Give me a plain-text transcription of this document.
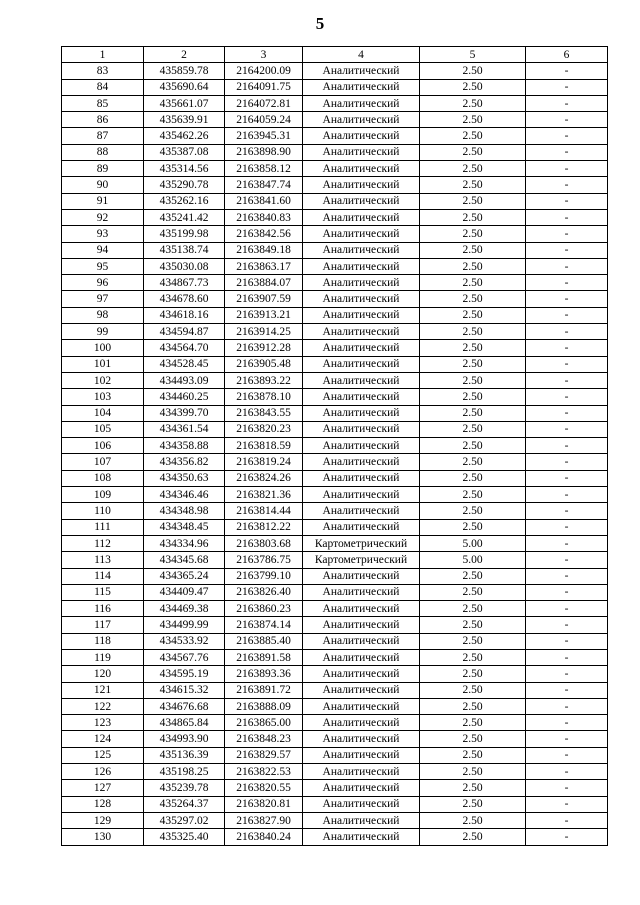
5
1	2	3	4	5	6
83	435859.78	2164200.09	Аналитический	2.50	-
84	435690.64	2164091.75	Аналитический	2.50	-
85	435661.07	2164072.81	Аналитический	2.50	-
86	435639.91	2164059.24	Аналитический	2.50	-
87	435462.26	2163945.31	Аналитический	2.50	-
88	435387.08	2163898.90	Аналитический	2.50	-
89	435314.56	2163858.12	Аналитический	2.50	-
90	435290.78	2163847.74	Аналитический	2.50	-
91	435262.16	2163841.60	Аналитический	2.50	-
92	435241.42	2163840.83	Аналитический	2.50	-
93	435199.98	2163842.56	Аналитический	2.50	-
94	435138.74	2163849.18	Аналитический	2.50	-
95	435030.08	2163863.17	Аналитический	2.50	-
96	434867.73	2163884.07	Аналитический	2.50	-
97	434678.60	2163907.59	Аналитический	2.50	-
98	434618.16	2163913.21	Аналитический	2.50	-
99	434594.87	2163914.25	Аналитический	2.50	-
100	434564.70	2163912.28	Аналитический	2.50	-
101	434528.45	2163905.48	Аналитический	2.50	-
102	434493.09	2163893.22	Аналитический	2.50	-
103	434460.25	2163878.10	Аналитический	2.50	-
104	434399.70	2163843.55	Аналитический	2.50	-
105	434361.54	2163820.23	Аналитический	2.50	-
106	434358.88	2163818.59	Аналитический	2.50	-
107	434356.82	2163819.24	Аналитический	2.50	-
108	434350.63	2163824.26	Аналитический	2.50	-
109	434346.46	2163821.36	Аналитический	2.50	-
110	434348.98	2163814.44	Аналитический	2.50	-
111	434348.45	2163812.22	Аналитический	2.50	-
112	434334.96	2163803.68	Картометрический	5.00	-
113	434345.68	2163786.75	Картометрический	5.00	-
114	434365.24	2163799.10	Аналитический	2.50	-
115	434409.47	2163826.40	Аналитический	2.50	-
116	434469.38	2163860.23	Аналитический	2.50	-
117	434499.99	2163874.14	Аналитический	2.50	-
118	434533.92	2163885.40	Аналитический	2.50	-
119	434567.76	2163891.58	Аналитический	2.50	-
120	434595.19	2163893.36	Аналитический	2.50	-
121	434615.32	2163891.72	Аналитический	2.50	-
122	434676.68	2163888.09	Аналитический	2.50	-
123	434865.84	2163865.00	Аналитический	2.50	-
124	434993.90	2163848.23	Аналитический	2.50	-
125	435136.39	2163829.57	Аналитический	2.50	-
126	435198.25	2163822.53	Аналитический	2.50	-
127	435239.78	2163820.55	Аналитический	2.50	-
128	435264.37	2163820.81	Аналитический	2.50	-
129	435297.02	2163827.90	Аналитический	2.50	-
130	435325.40	2163840.24	Аналитический	2.50	-
